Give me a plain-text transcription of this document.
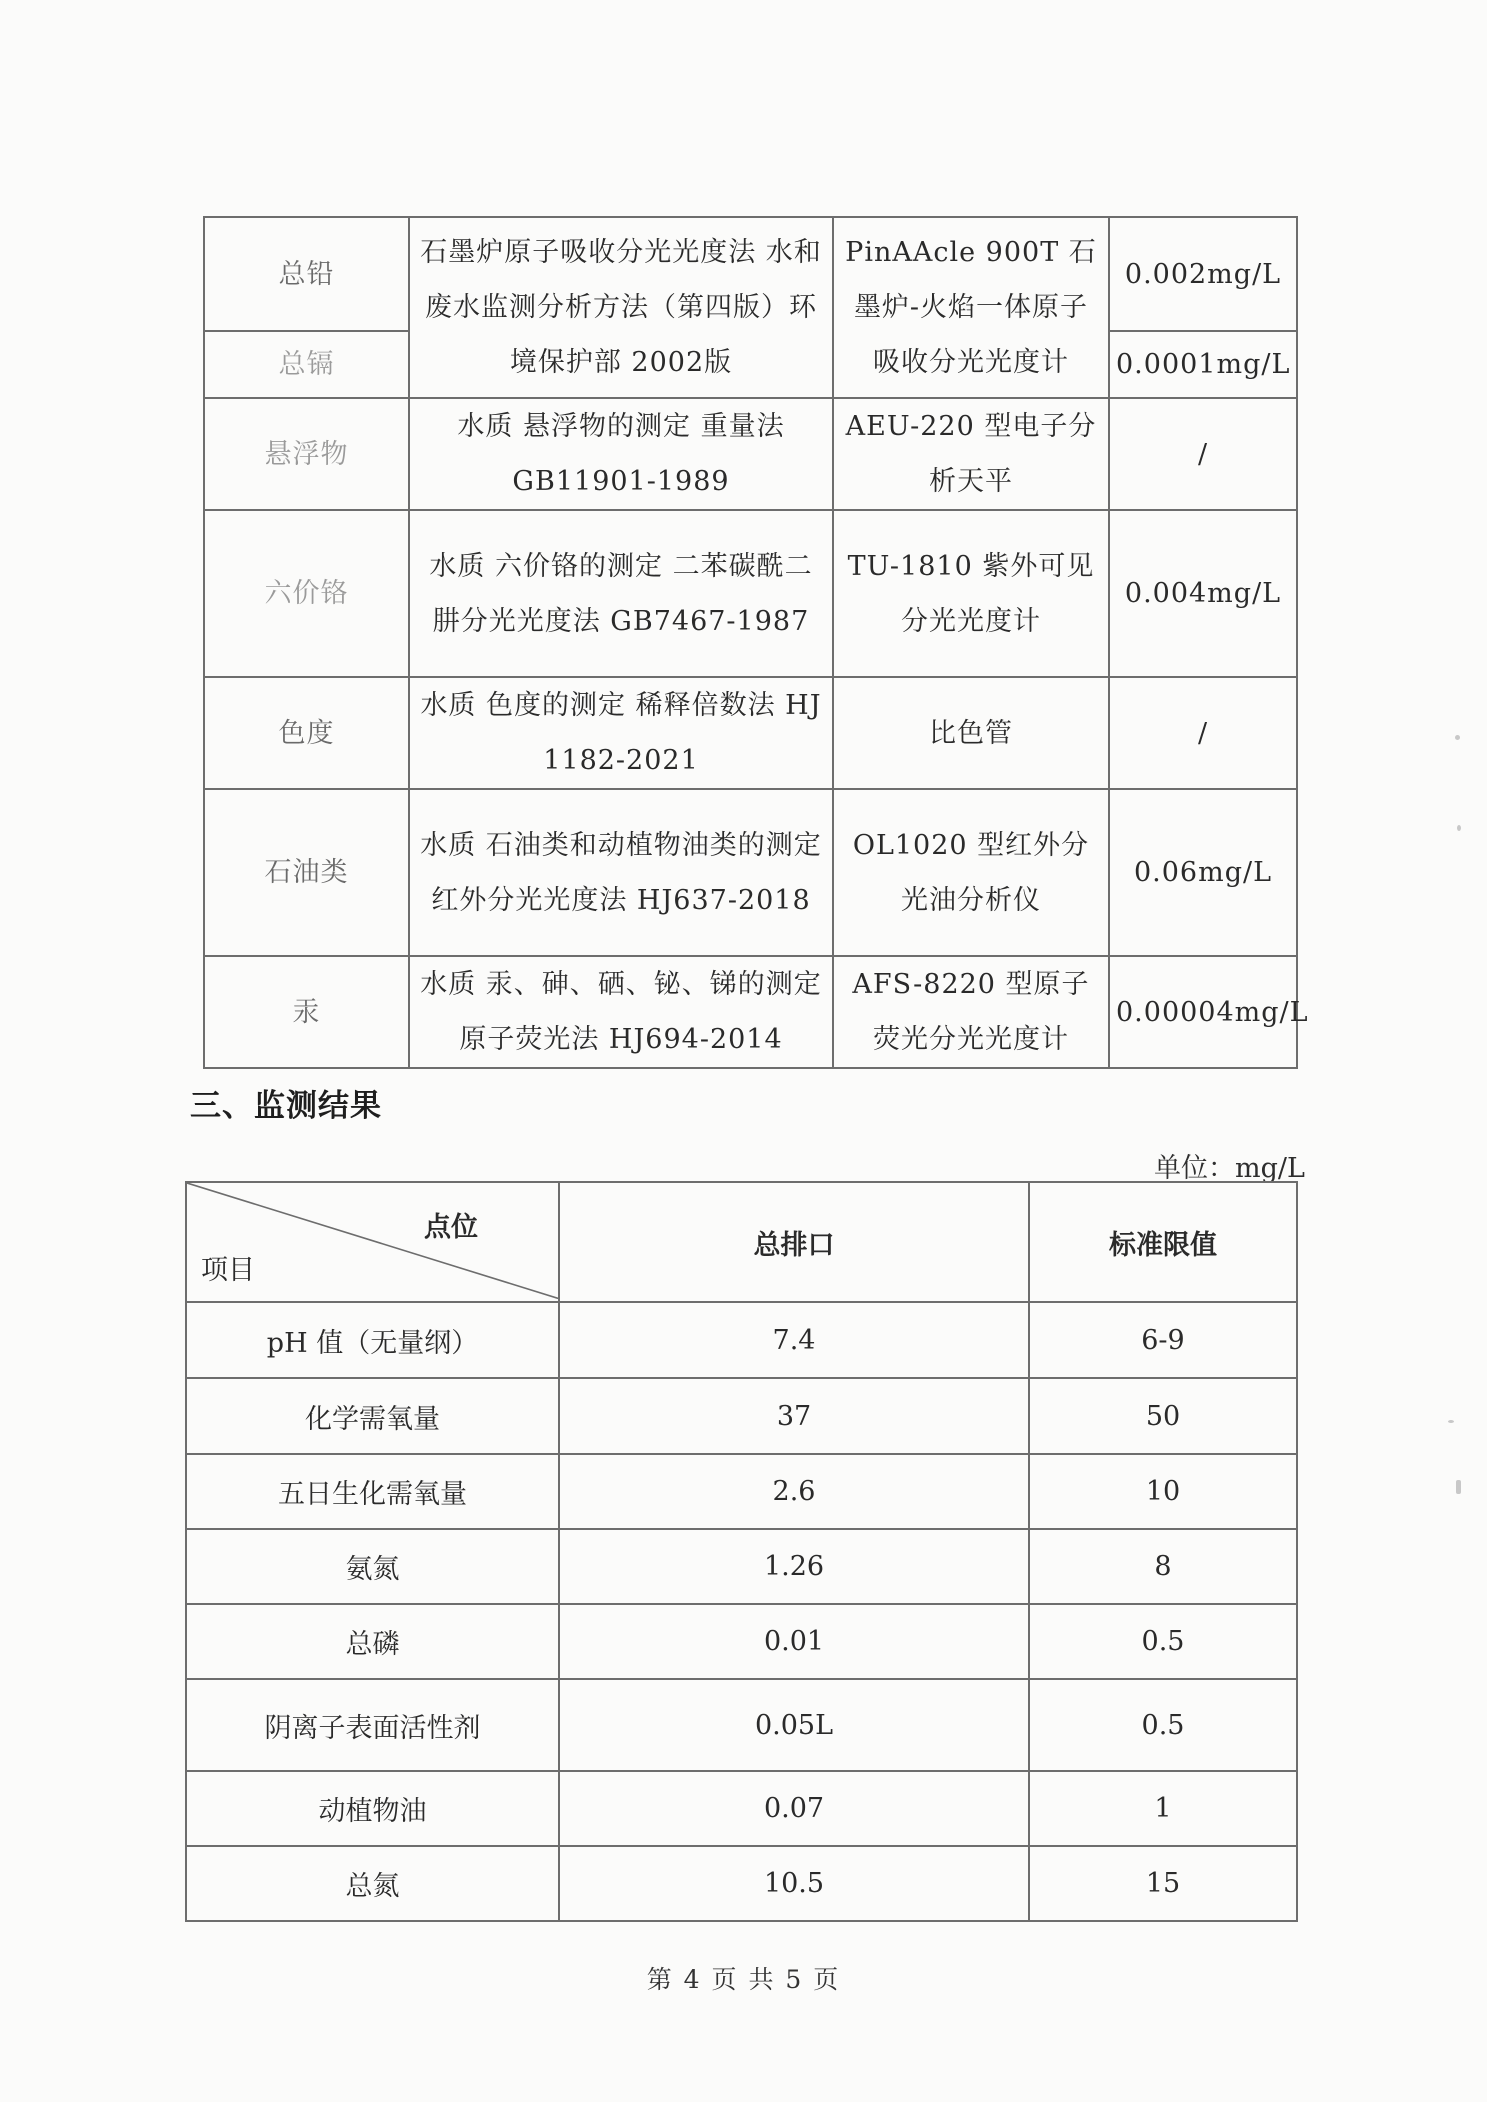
总铅	石墨炉原子吸收分光光度法 水和废水监测分析方法（第四版）环境保护部 2002版	PinAAcle 900T 石墨炉-火焰一体原子吸收分光光度计	0.002mg/L
总镉			0.0001mg/L
悬浮物	水质 悬浮物的测定 重量法 GB11901-1989	AEU-220 型电子分析天平	/
六价铬	水质 六价铬的测定 二苯碳酰二肼分光光度法 GB7467-1987	TU-1810 紫外可见分光光度计	0.004mg/L
色度	水质 色度的测定 稀释倍数法 HJ 1182-2021	比色管	/
石油类	水质 石油类和动植物油类的测定 红外分光光度法 HJ637-2018	OL1020 型红外分光油分析仪	0.06mg/L
汞	水质 汞、砷、硒、铋、锑的测定原子荧光法 HJ694-2014	AFS-8220 型原子荧光分光光度计	0.00004mg/L
三、监测结果
单位：mg/L
点位
项目	总排口	标准限值
pH 值（无量纲）	7.4	6-9
化学需氧量	37	50
五日生化需氧量	2.6	10
氨氮	1.26	8
总磷	0.01	0.5
阴离子表面活性剂	0.05L	0.5
动植物油	0.07	1
总氮	10.5	15
第 4 页 共 5 页
